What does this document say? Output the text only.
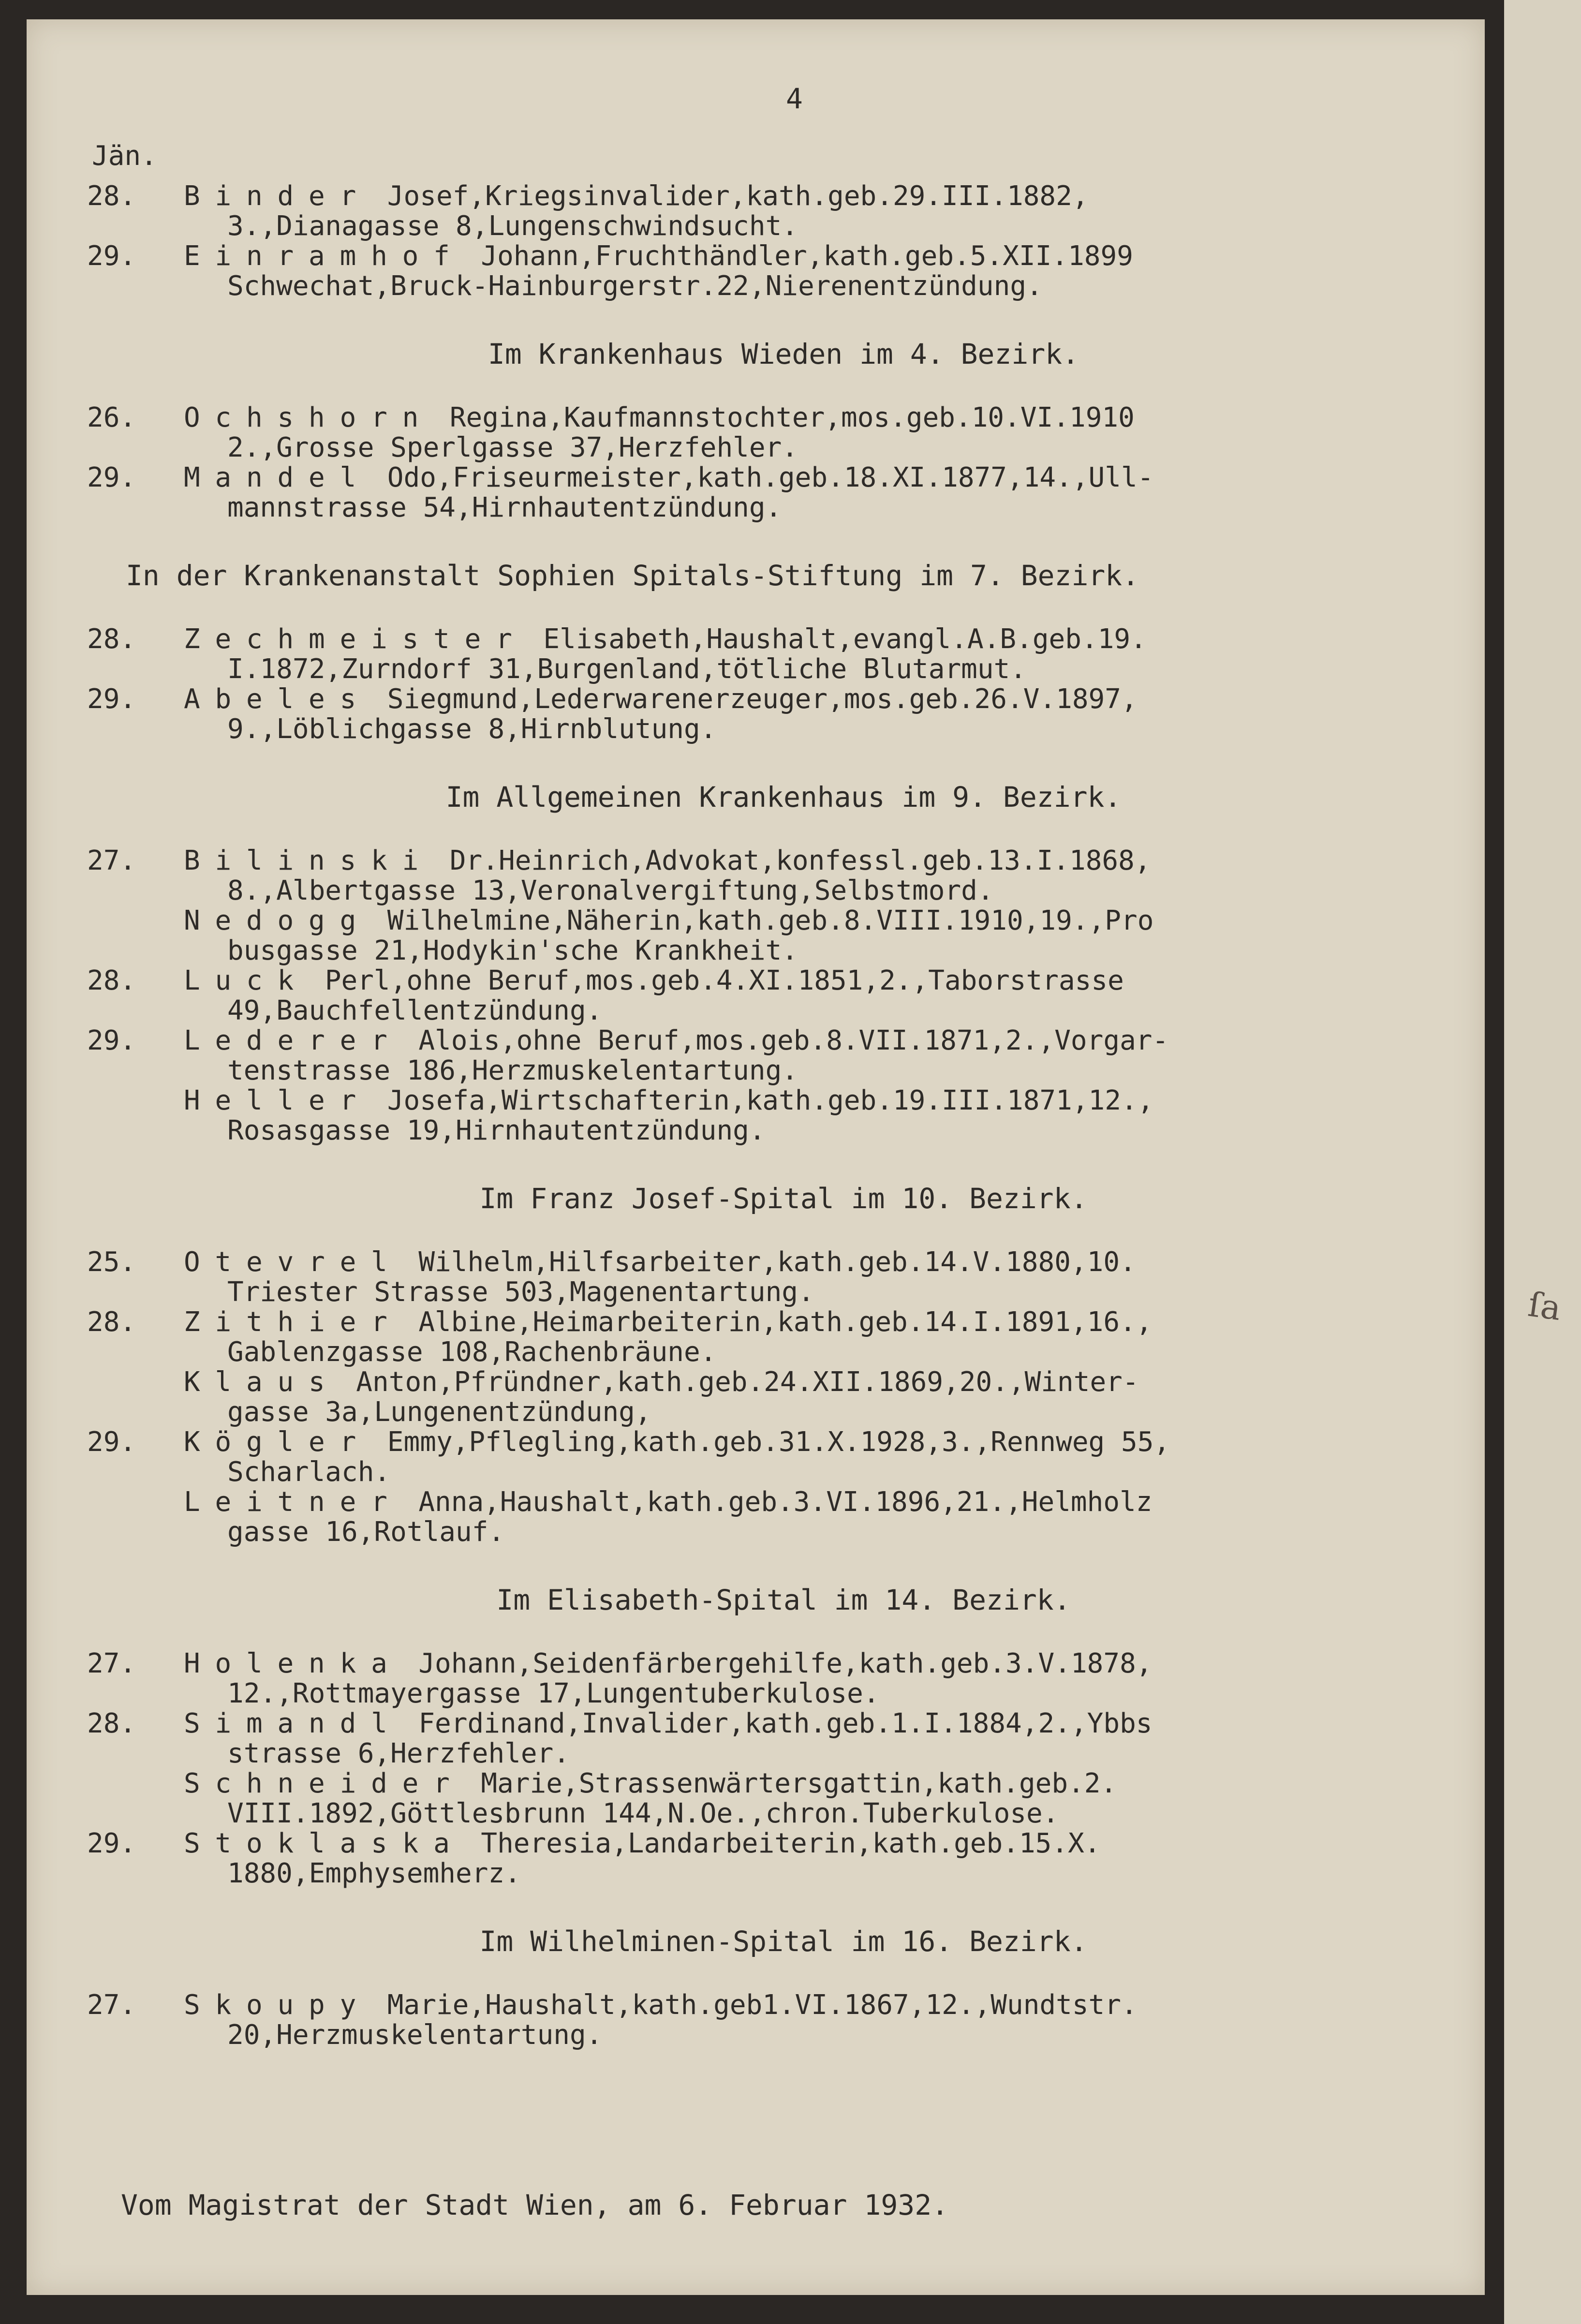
ſa
4
Jän.
28.	Binder Josef,Kriegsinvalider,kath.geb.29.III.1882,
3.,Dianagasse 8,Lungenschwindsucht.
29.	Einramhof Johann,Fruchthändler,kath.geb.5.XII.1899
Schwechat,Bruck-Hainburgerstr.22,Nierenentzündung.
Im Krankenhaus Wieden im 4. Bezirk.
26.	Ochshorn Regina,Kaufmannstochter,mos.geb.10.VI.1910
2.,Grosse Sperlgasse 37,Herzfehler.
29.	Mandel Odo,Friseurmeister,kath.geb.18.XI.1877,14.,Ull-
mannstrasse 54,Hirnhautentzündung.
In der Krankenanstalt Sophien Spitals-Stiftung im 7. Bezirk.
28.	Zechmeister Elisabeth,Haushalt,evangl.A.B.geb.19.
I.1872,Zurndorf 31,Burgenland,tötliche Blutarmut.
29.	Abeles Siegmund,Lederwarenerzeuger,mos.geb.26.V.1897,
9.,Löblichgasse 8,Hirnblutung.
Im Allgemeinen Krankenhaus im 9. Bezirk.
27.	Bilinski Dr.Heinrich,Advokat,konfessl.geb.13.I.1868,
8.,Albertgasse 13,Veronalvergiftung,Selbstmord.
Nedogg Wilhelmine,Näherin,kath.geb.8.VIII.1910,19.,Pro
busgasse 21,Hodykin'sche Krankheit.
28.	Luck Perl,ohne Beruf,mos.geb.4.XI.1851,2.,Taborstrasse
49,Bauchfellentzündung.
29.	Lederer Alois,ohne Beruf,mos.geb.8.VII.1871,2.,Vorgar-
tenstrasse 186,Herzmuskelentartung.
Heller Josefa,Wirtschafterin,kath.geb.19.III.1871,12.,
Rosasgasse 19,Hirnhautentzündung.
Im Franz Josef-Spital im 10. Bezirk.
25.	Otevrel Wilhelm,Hilfsarbeiter,kath.geb.14.V.1880,10.
Triester Strasse 503,Magenentartung.
28.	Zithier Albine,Heimarbeiterin,kath.geb.14.I.1891,16.,
Gablenzgasse 108,Rachenbräune.
Klaus Anton,Pfründner,kath.geb.24.XII.1869,20.,Winter-
gasse 3a,Lungenentzündung,
29.	Kögler Emmy,Pflegling,kath.geb.31.X.1928,3.,Rennweg 55,
Scharlach.
Leitner Anna,Haushalt,kath.geb.3.VI.1896,21.,Helmholz
gasse 16,Rotlauf.
Im Elisabeth-Spital im 14. Bezirk.
27.	Holenka Johann,Seidenfärbergehilfe,kath.geb.3.V.1878,
12.,Rottmayergasse 17,Lungentuberkulose.
28.	Simandl Ferdinand,Invalider,kath.geb.1.I.1884,2.,Ybbs
strasse 6,Herzfehler.
Schneider Marie,Strassenwärtersgattin,kath.geb.2.
VIII.1892,Göttlesbrunn 144,N.Oe.,chron.Tuberkulose.
29.	Stoklaska Theresia,Landarbeiterin,kath.geb.15.X.
1880,Emphysemherz.
Im Wilhelminen-Spital im 16. Bezirk.
27.	Skoupy Marie,Haushalt,kath.geb1.VI.1867,12.,Wundtstr.
20,Herzmuskelentartung.
Vom Magistrat der Stadt Wien, am 6. Februar 1932.
